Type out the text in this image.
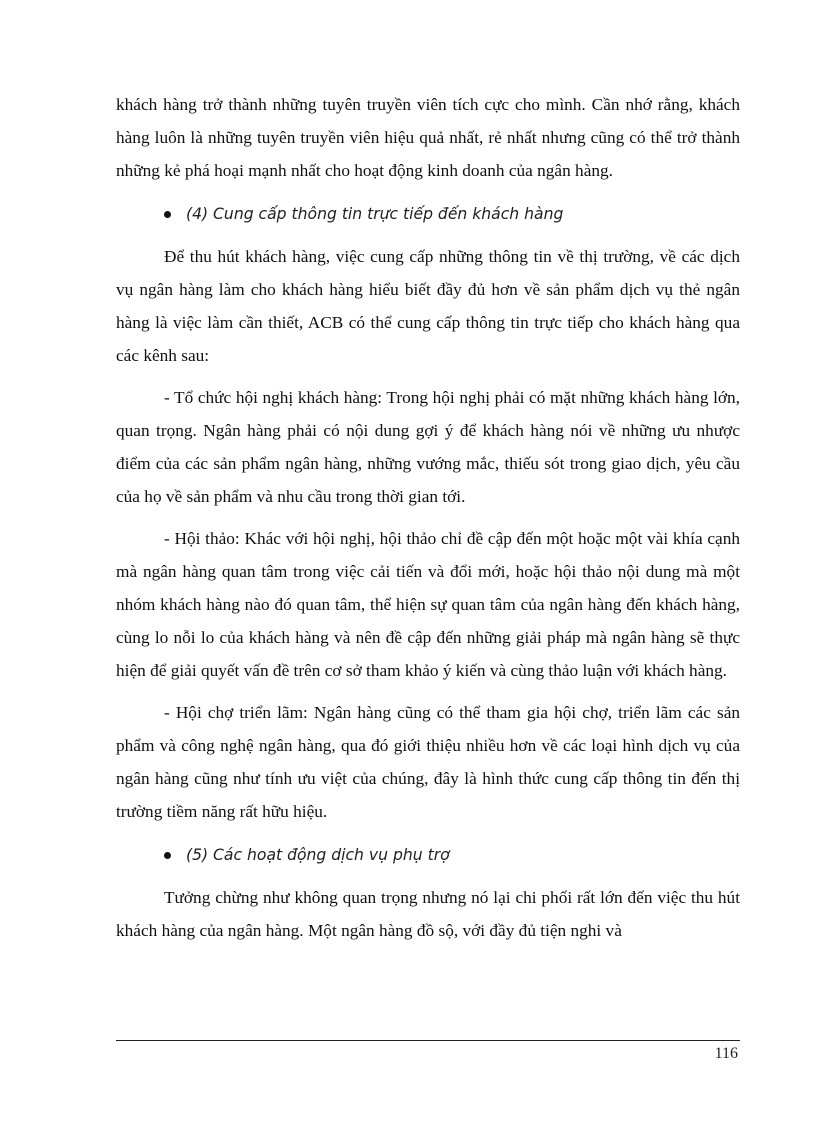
khách hàng trở thành những tuyên truyền viên tích cực cho mình. Cần nhớ rằng, khách hàng luôn là những tuyên truyền viên hiệu quả nhất, rẻ nhất nhưng cũng có thể trở thành những kẻ phá hoại mạnh nhất cho hoạt động kinh doanh của ngân hàng.

(4) Cung cấp thông tin trực tiếp đến khách hàng

Để thu hút khách hàng, việc cung cấp những thông tin về thị trường, về các dịch vụ ngân hàng làm cho khách hàng hiểu biết đầy đủ hơn về sản phẩm dịch vụ thẻ ngân hàng là việc làm cần thiết, ACB có thể cung cấp thông tin trực tiếp cho khách hàng qua các kênh sau:

- Tổ chức hội nghị khách hàng: Trong hội nghị phải có mặt những khách hàng lớn, quan trọng. Ngân hàng phải có nội dung gợi ý để khách hàng nói về những ưu nhược điểm của các sản phẩm ngân hàng, những vướng mắc, thiếu sót trong giao dịch, yêu cầu của họ về sản phẩm và nhu cầu trong thời gian tới.

- Hội thảo: Khác với hội nghị, hội thảo chỉ đề cập đến một hoặc một vài khía cạnh mà ngân hàng quan tâm trong việc cải tiến và đổi mới, hoặc hội thảo nội dung mà một nhóm khách hàng nào đó quan tâm, thể hiện sự quan tâm của ngân hàng đến khách hàng, cùng lo nỗi lo của khách hàng và nên đề cập đến những giải pháp mà ngân hàng sẽ thực hiện để giải quyết vấn đề trên cơ sở tham khảo ý kiến và cùng thảo luận với khách hàng.

- Hội chợ triển lãm: Ngân hàng cũng có thể tham gia hội chợ, triển lãm các sản phẩm và công nghệ ngân hàng, qua đó giới thiệu nhiều hơn về các loại hình dịch vụ của ngân hàng cũng như tính ưu việt của chúng, đây là hình thức cung cấp thông tin đến thị trường tiềm năng rất hữu hiệu.

(5) Các hoạt động dịch vụ phụ trợ

Tưởng chừng như không quan trọng nhưng nó lại chi phối rất lớn đến việc thu hút khách hàng của ngân hàng. Một ngân hàng đồ sộ, với đầy đủ tiện nghi và

116
